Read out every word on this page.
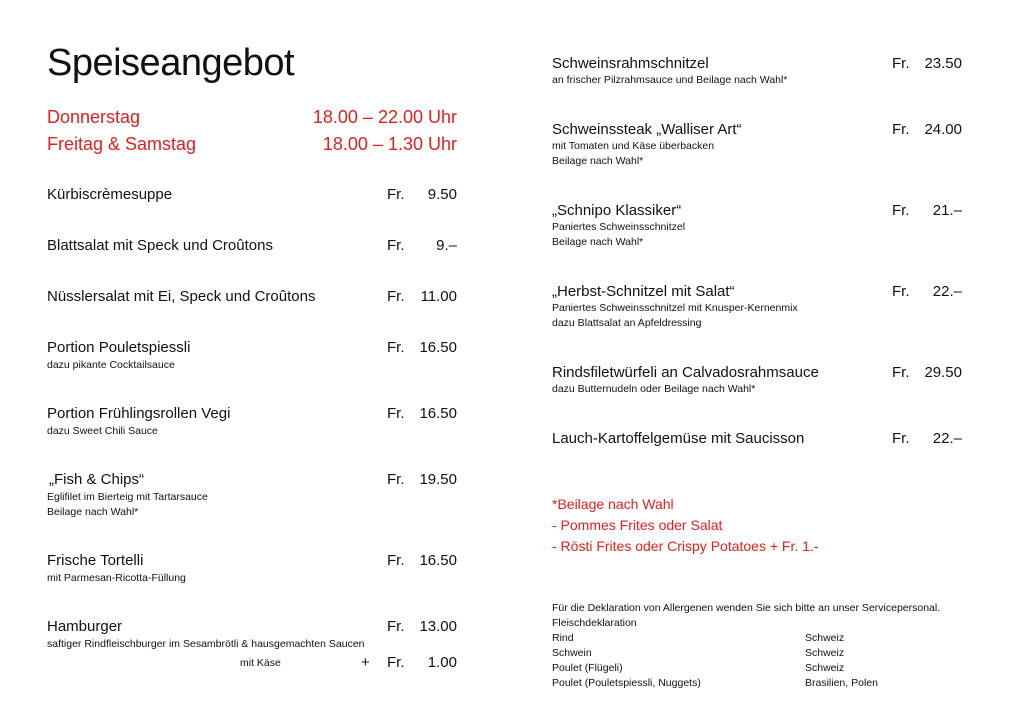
Speiseangebot
Donnerstag	18.00 – 22.00 Uhr
Freitag & Samstag	18.00 – 1.30 Uhr
Kürbiscrèmesuppe	Fr. 9.50
Blattsalat mit Speck und Croûtons	Fr. 9.–
Nüsslersalat mit Ei, Speck und Croûtons	Fr. 11.00
Portion Pouletspiessli	Fr. 16.50
dazu pikante Cocktailsauce
Portion Frühlingsrollen Vegi	Fr. 16.50
dazu Sweet Chili Sauce
„Fish & Chips“	Fr. 19.50
Eglifilet im Bierteig mit Tartarsauce
Beilage nach Wahl*
Frische Tortelli	Fr. 16.50
mit Parmesan-Ricotta-Füllung
Hamburger	Fr. 13.00
saftiger Rindfleischburger im Sesambrötli & hausgemachten Saucen
mit Käse	+ Fr. 1.00
Schweinsrahmschnitzel	Fr. 23.50
an frischer Pilzrahmsauce und Beilage nach Wahl*
Schweinssteak „Walliser Art“	Fr. 24.00
mit Tomaten und Käse überbacken
Beilage nach Wahl*
„Schnipo Klassiker“	Fr. 21.–
Paniertes Schweinsschnitzel
Beilage nach Wahl*
„Herbst-Schnitzel mit Salat“	Fr. 22.–
Paniertes Schweinsschnitzel mit Knusper-Kernenmix
dazu Blattsalat an Apfeldressing
Rindsfiletwürfeli an Calvadosrahmsauce	Fr. 29.50
dazu Butternudeln oder Beilage nach Wahl*
Lauch-Kartoffelgemüse mit Saucisson	Fr. 22.–
*Beilage nach Wahl
- Pommes Frites oder Salat
- Rösti Frites oder Crispy Potatoes + Fr. 1.-
Für die Deklaration von Allergenen wenden Sie sich bitte an unser Servicepersonal.
Fleischdeklaration
Rind	Schweiz
Schwein	Schweiz
Poulet (Flügeli)	Schweiz
Poulet (Pouletspiessli, Nuggets)	Brasilien, Polen
